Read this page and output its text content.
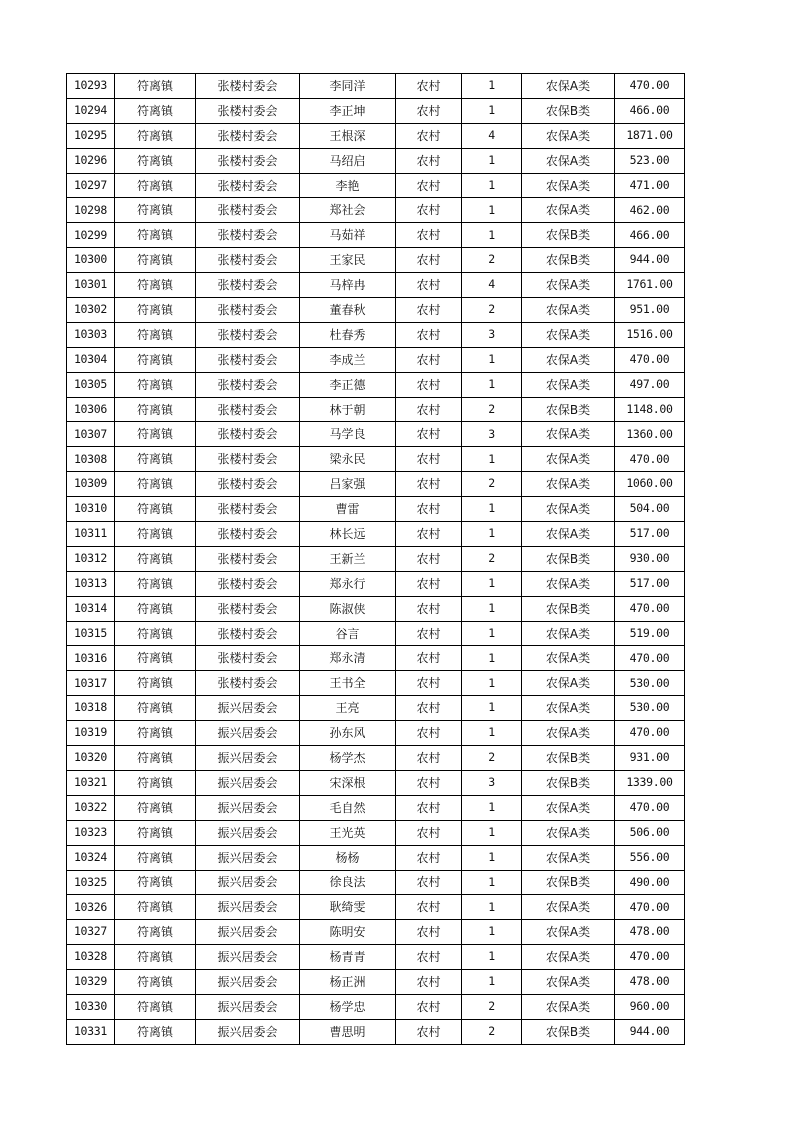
10293	符离镇	张楼村委会	李同洋	农村	1	农保A类	470.00
10294	符离镇	张楼村委会	李正坤	农村	1	农保B类	466.00
10295	符离镇	张楼村委会	王根深	农村	4	农保A类	1871.00
10296	符离镇	张楼村委会	马绍启	农村	1	农保A类	523.00
10297	符离镇	张楼村委会	李艳	农村	1	农保A类	471.00
10298	符离镇	张楼村委会	郑社会	农村	1	农保A类	462.00
10299	符离镇	张楼村委会	马茹祥	农村	1	农保B类	466.00
10300	符离镇	张楼村委会	王家民	农村	2	农保B类	944.00
10301	符离镇	张楼村委会	马梓冉	农村	4	农保A类	1761.00
10302	符离镇	张楼村委会	董春秋	农村	2	农保A类	951.00
10303	符离镇	张楼村委会	杜春秀	农村	3	农保A类	1516.00
10304	符离镇	张楼村委会	李成兰	农村	1	农保A类	470.00
10305	符离镇	张楼村委会	李正德	农村	1	农保A类	497.00
10306	符离镇	张楼村委会	林于朝	农村	2	农保B类	1148.00
10307	符离镇	张楼村委会	马学良	农村	3	农保A类	1360.00
10308	符离镇	张楼村委会	梁永民	农村	1	农保A类	470.00
10309	符离镇	张楼村委会	吕家强	农村	2	农保A类	1060.00
10310	符离镇	张楼村委会	曹雷	农村	1	农保A类	504.00
10311	符离镇	张楼村委会	林长远	农村	1	农保A类	517.00
10312	符离镇	张楼村委会	王新兰	农村	2	农保B类	930.00
10313	符离镇	张楼村委会	郑永行	农村	1	农保A类	517.00
10314	符离镇	张楼村委会	陈淑侠	农村	1	农保B类	470.00
10315	符离镇	张楼村委会	谷言	农村	1	农保A类	519.00
10316	符离镇	张楼村委会	郑永清	农村	1	农保A类	470.00
10317	符离镇	张楼村委会	王书全	农村	1	农保A类	530.00
10318	符离镇	振兴居委会	王亮	农村	1	农保A类	530.00
10319	符离镇	振兴居委会	孙东风	农村	1	农保A类	470.00
10320	符离镇	振兴居委会	杨学杰	农村	2	农保B类	931.00
10321	符离镇	振兴居委会	宋深根	农村	3	农保B类	1339.00
10322	符离镇	振兴居委会	毛自然	农村	1	农保A类	470.00
10323	符离镇	振兴居委会	王光英	农村	1	农保A类	506.00
10324	符离镇	振兴居委会	杨杨	农村	1	农保A类	556.00
10325	符离镇	振兴居委会	徐良法	农村	1	农保B类	490.00
10326	符离镇	振兴居委会	耿绮雯	农村	1	农保A类	470.00
10327	符离镇	振兴居委会	陈明安	农村	1	农保A类	478.00
10328	符离镇	振兴居委会	杨青青	农村	1	农保A类	470.00
10329	符离镇	振兴居委会	杨正洲	农村	1	农保A类	478.00
10330	符离镇	振兴居委会	杨学忠	农村	2	农保A类	960.00
10331	符离镇	振兴居委会	曹思明	农村	2	农保B类	944.00
